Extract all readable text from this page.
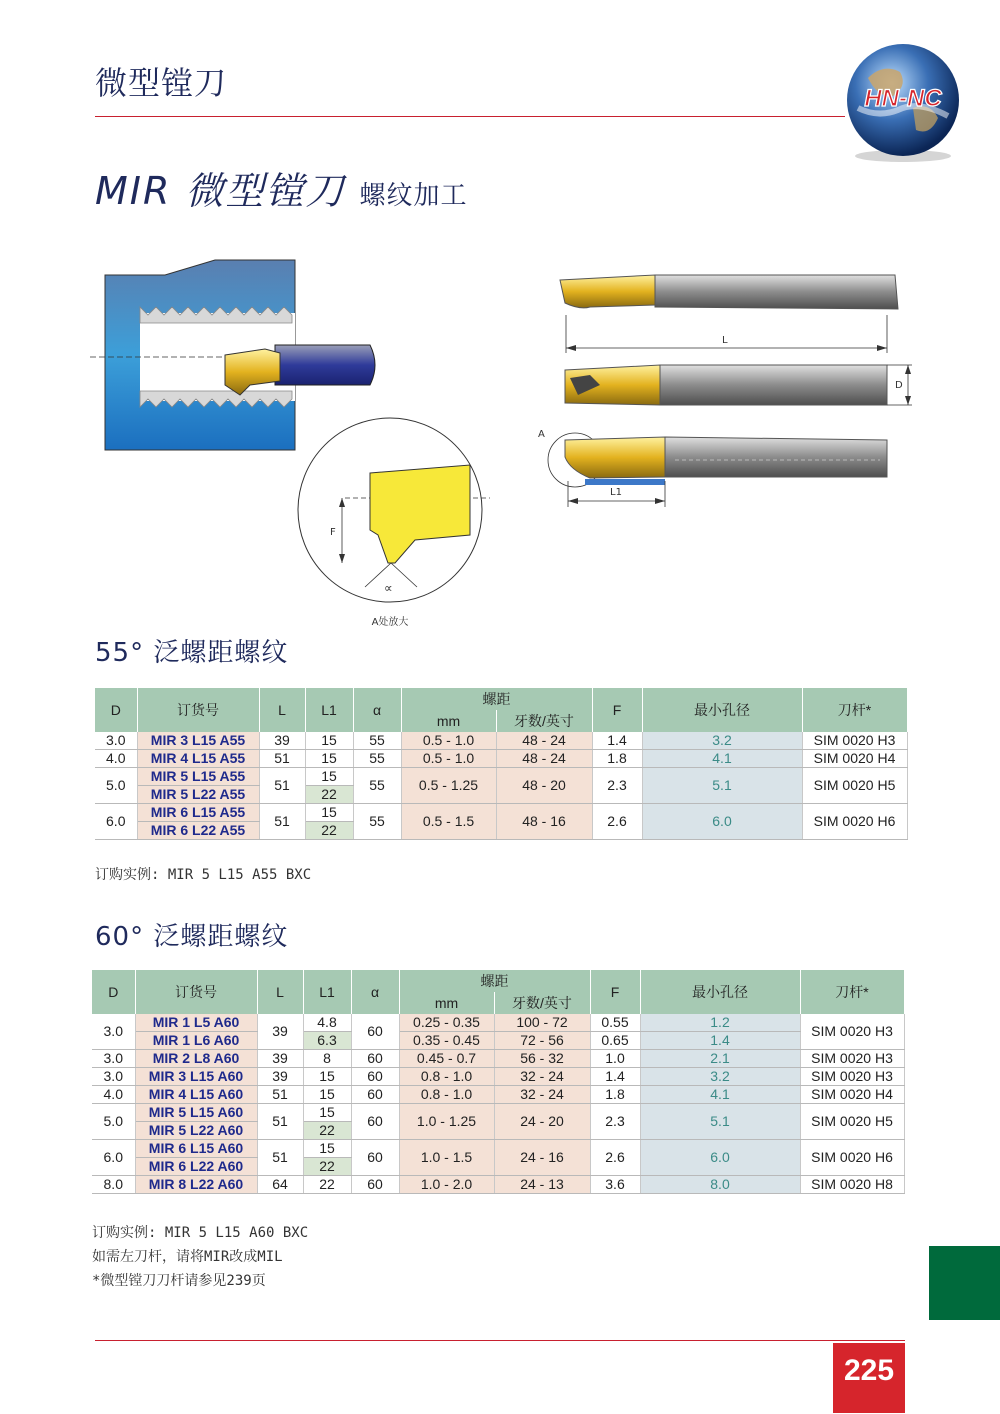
微型镗刀	HN-NC
MIR 微型镗刀 螺纹加工
F
∝
A处放大
L
D
A
L1
55° 泛螺距螺纹
D	订货号	L	L1	α	螺距		F	最小孔径	刀杆*
					mm	牙数/英寸			
3.0	MIR 3 L15 A55	39	15	55	0.5 - 1.0	48 - 24	1.4	3.2	SIM 0020 H3
4.0	MIR 4 L15 A55	51	15	55	0.5 - 1.0	48 - 24	1.8	4.1	SIM 0020 H4
5.0	MIR 5 L15 A55	51	15	55	0.5 - 1.25	48 - 20	2.3	5.1	SIM 0020 H5
	MIR 5 L22 A55		22						
6.0	MIR 6 L15 A55	51	15	55	0.5 - 1.5	48 - 16	2.6	6.0	SIM 0020 H6
	MIR 6 L22 A55		22						
订购实例: MIR 5 L15 A55 BXC
60° 泛螺距螺纹
D	订货号	L	L1	α	螺距		F	最小孔径	刀杆*
					mm	牙数/英寸			
3.0	MIR 1 L5 A60	39	4.8	60	0.25 - 0.35	100 - 72	0.55	1.2	SIM 0020 H3
	MIR 1 L6 A60		6.3		0.35 - 0.45	72 - 56	0.65	1.4	
3.0	MIR 2 L8 A60	39	8	60	0.45 - 0.7	56 - 32	1.0	2.1	SIM 0020 H3
3.0	MIR 3 L15 A60	39	15	60	0.8 - 1.0	32 - 24	1.4	3.2	SIM 0020 H3
4.0	MIR 4 L15 A60	51	15	60	0.8 - 1.0	32 - 24	1.8	4.1	SIM 0020 H4
5.0	MIR 5 L15 A60	51	15	60	1.0 - 1.25	24 - 20	2.3	5.1	SIM 0020 H5
	MIR 5 L22 A60		22						
6.0	MIR 6 L15 A60	51	15	60	1.0 - 1.5	24 - 16	2.6	6.0	SIM 0020 H6
	MIR 6 L22 A60		22						
8.0	MIR 8 L22 A60	64	22	60	1.0 - 2.0	24 - 13	3.6	8.0	SIM 0020 H8
订购实例: MIR 5 L15 A60 BXC
如需左刀杆，请将MIR改成MIL
*微型镗刀刀杆请参见239页
225
